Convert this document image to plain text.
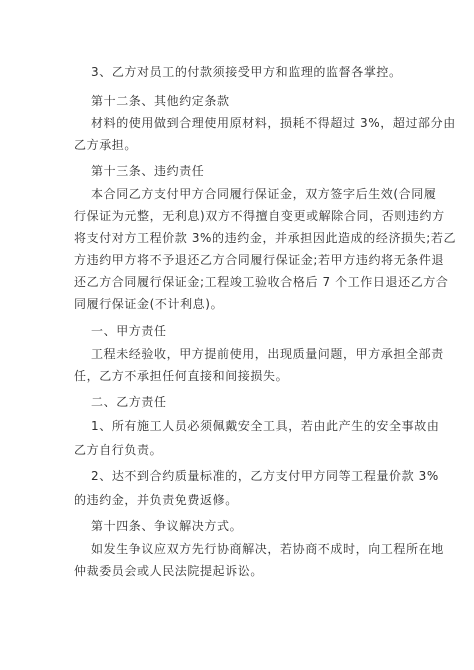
3、乙方对员工的付款须接受甲方和监理的监督各掌控。
第十二条、其他约定条款
材料的使用做到合理使用原材料，损耗不得超过 3%，超过部分由
乙方承担。
第十三条、违约责任
本合同乙方支付甲方合同履行保证金，双方签字后生效(合同履
行保证为元整，无利息)双方不得擅自变更或解除合同，否则违约方
将支付对方工程价款 3%的违约金，并承担因此造成的经济损失;若乙
方违约甲方将不予退还乙方合同履行保证金;若甲方违约将无条件退
还乙方合同履行保证金;工程竣工验收合格后 7 个工作日退还乙方合
同履行保证金(不计利息)。
一、甲方责任
工程未经验收，甲方提前使用，出现质量问题，甲方承担全部责
任，乙方不承担任何直接和间接损失。
二、乙方责任
1、所有施工人员必须佩戴安全工具，若由此产生的安全事故由
乙方自行负责。
2、达不到合约质量标准的，乙方支付甲方同等工程量价款 3%
的违约金，并负责免费返修。
第十四条、争议解决方式。
如发生争议应双方先行协商解决，若协商不成时，向工程所在地
仲裁委员会或人民法院提起诉讼。
